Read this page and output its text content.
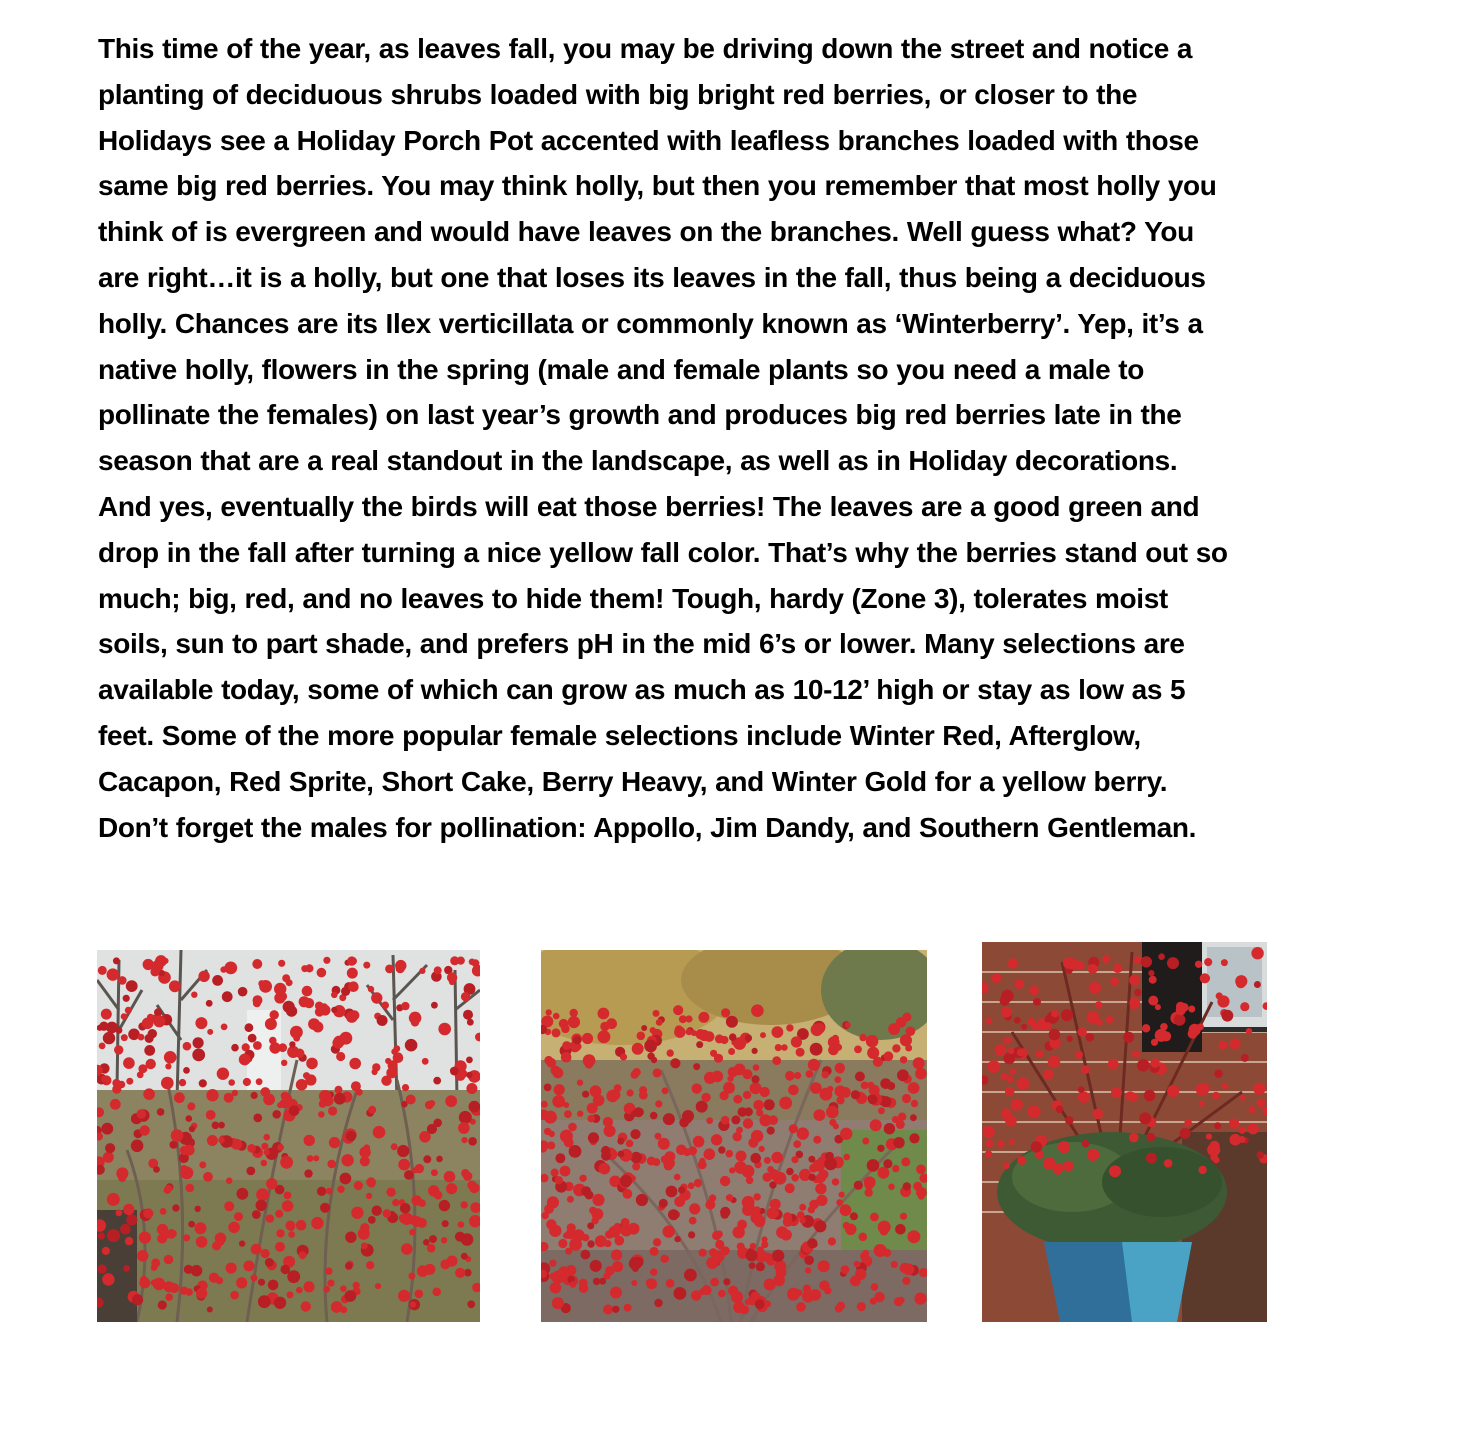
This time of the year, as leaves fall, you may be driving down the street and notice a
planting of deciduous shrubs loaded with big bright red berries, or closer to the
Holidays see a Holiday Porch Pot accented with leafless branches loaded with those
same big red berries. You may think holly, but then you remember that most holly you
think of is evergreen and would have leaves on the branches. Well guess what? You
are right…it is a holly, but one that loses its leaves in the fall, thus being a deciduous
holly. Chances are its Ilex verticillata or commonly known as ‘Winterberry’. Yep, it’s a
native holly, flowers in the spring (male and female plants so you need a male to
pollinate the females) on last year’s growth and produces big red berries late in the
season that are a real standout in the landscape, as well as in Holiday decorations.
And yes, eventually the birds will eat those berries! The leaves are a good green and
drop in the fall after turning a nice yellow fall color. That’s why the berries stand out so
much; big, red, and no leaves to hide them! Tough, hardy (Zone 3), tolerates moist
soils, sun to part shade, and prefers pH in the mid 6’s or lower. Many selections are
available today, some of which can grow as much as 10-12’ high or stay as low as 5
feet. Some of the more popular female selections include Winter Red, Afterglow,
Cacapon, Red Sprite, Short Cake, Berry Heavy, and Winter Gold for a yellow berry.
Don’t forget the males for pollination: Appollo, Jim Dandy, and Southern Gentleman.
